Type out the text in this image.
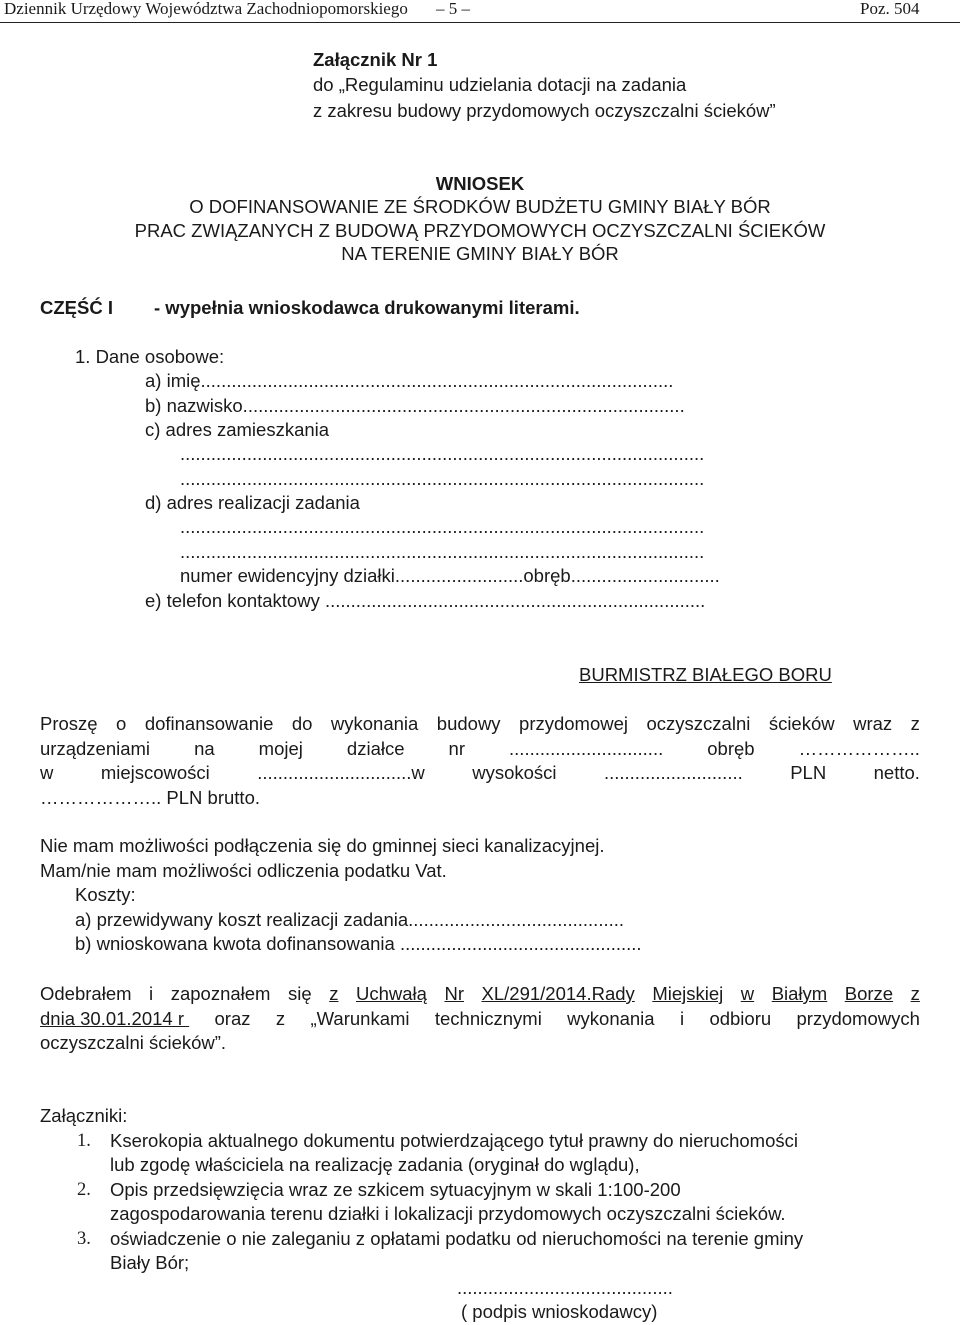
Dziennik Urzędowy Województwa Zachodniopomorskiego – 5 –	Poz. 504
Załącznik Nr 1
do „Regulaminu udzielania dotacji na zadania
z zakresu budowy przydomowych oczyszczalni ścieków”
WNIOSEK
O DOFINANSOWANIE ZE ŚRODKÓW BUDŻETU GMINY BIAŁY BÓR
PRAC ZWIĄZANYCH Z BUDOWĄ PRZYDOMOWYCH OCZYSZCZALNI ŚCIEKÓW
NA TERENIE GMINY BIAŁY BÓR
CZĘŚĆ I - wypełnia wnioskodawca drukowanymi literami.
1. Dane osobowe:
a) imię............................................................................................
b) nazwisko......................................................................................
c) adres zamieszkania
......................................................................................................
......................................................................................................
d) adres realizacji zadania
......................................................................................................
......................................................................................................
numer ewidencyjny działki.........................obręb.............................
e) telefon kontaktowy ..........................................................................
BURMISTRZ BIAŁEGO BORU
Proszę o dofinansowanie do wykonania budowy przydomowej oczyszczalni ścieków wraz z
urządzeniami na mojej działce nr .............................. obręb ………………..
w	miejscowości	..............................w	wysokości	...........................	PLN	netto.
……………….. PLN brutto.
Nie mam możliwości podłączenia się do gminnej sieci kanalizacyjnej.
Mam/nie mam możliwości odliczenia podatku Vat.
Koszty:
a) przewidywany koszt realizacji zadania..........................................
b) wnioskowana kwota dofinansowania ...............................................
Odebrałem i zapoznałem się z Uchwałą Nr XL/291/2014.Rady Miejskiej w Białym Borze z
dnia 30.01.2014 r oraz z „Warunkami technicznymi wykonania i odbioru przydomowych
oczyszczalni ścieków”.
Załączniki:
1. Kserokopia aktualnego dokumentu potwierdzającego tytuł prawny do nieruchomości
lub zgodę właściciela na realizację zadania (oryginał do wglądu),
2. Opis przedsięwzięcia wraz ze szkicem sytuacyjnym w skali 1:100-200
zagospodarowania terenu działki i lokalizacji przydomowych oczyszczalni ścieków.
3. oświadczenie o nie zaleganiu z opłatami podatku od nieruchomości na terenie gminy
Biały Bór;
..........................................
( podpis wnioskodawcy)
